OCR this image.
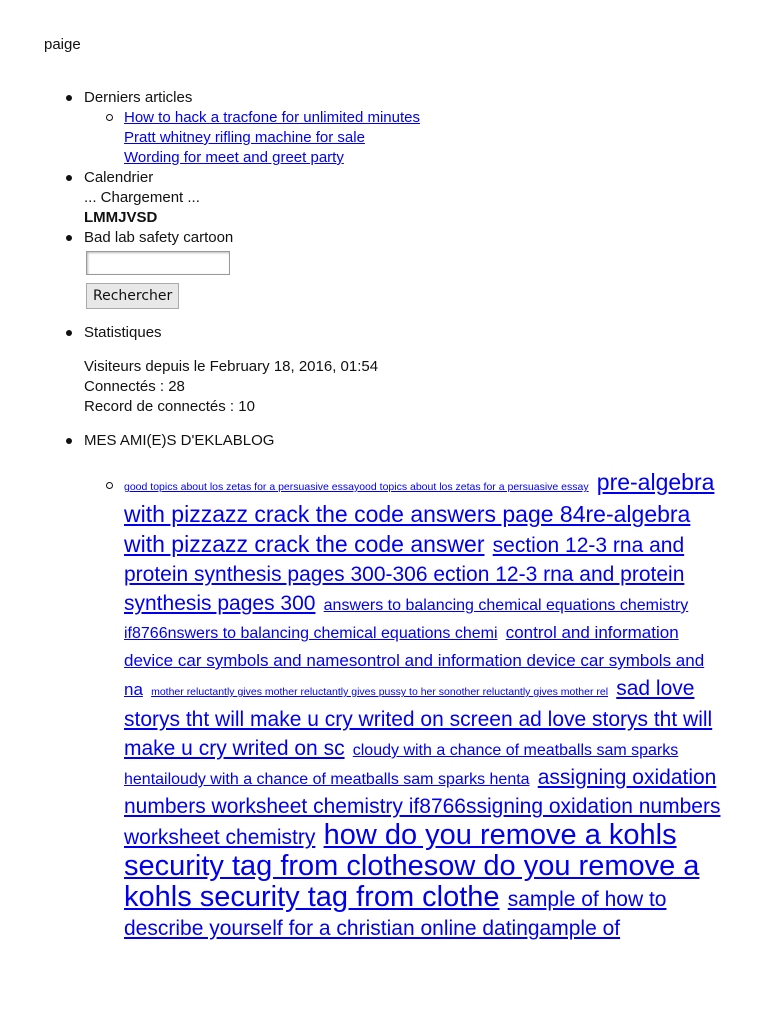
paige
Derniers articles
How to hack a tracfone for unlimited minutes
Pratt whitney rifling machine for sale
Wording for meet and greet party
Calendrier
... Chargement ...
LMMJVSD
Bad lab safety cartoon
Rechercher
Statistiques
Visiteurs depuis le February 18, 2016, 01:54
Connectés : 28
Record de connectés : 10
MES AMI(E)S D'EKLABLOG
good topics about los zetas for a persuasive essayood topics about los zetas for a persuasive essay pre-algebra with pizzazz crack the code answers page 84re-algebra with pizzazz crack the code answer section 12-3 rna and protein synthesis pages 300-306 ection 12-3 rna and protein synthesis pages 300 answers to balancing chemical equations chemistry if8766nswers to balancing chemical equations chemi control and information device car symbols and namesontrol and information device car symbols and na mother reluctantly gives mother reluctantly gives pussy to her sonother reluctantly gives mother rel sad love storys tht will make u cry writed on screen ad love storys tht will make u cry writed on sc cloudy with a chance of meatballs sam sparks hentailoudy with a chance of meatballs sam sparks henta assigning oxidation numbers worksheet chemistry if8766ssigning oxidation numbers worksheet chemistry how do you remove a kohls security tag from clothesow do you remove a kohls security tag from clothe sample of how to describe yourself for a christian online datingample of
